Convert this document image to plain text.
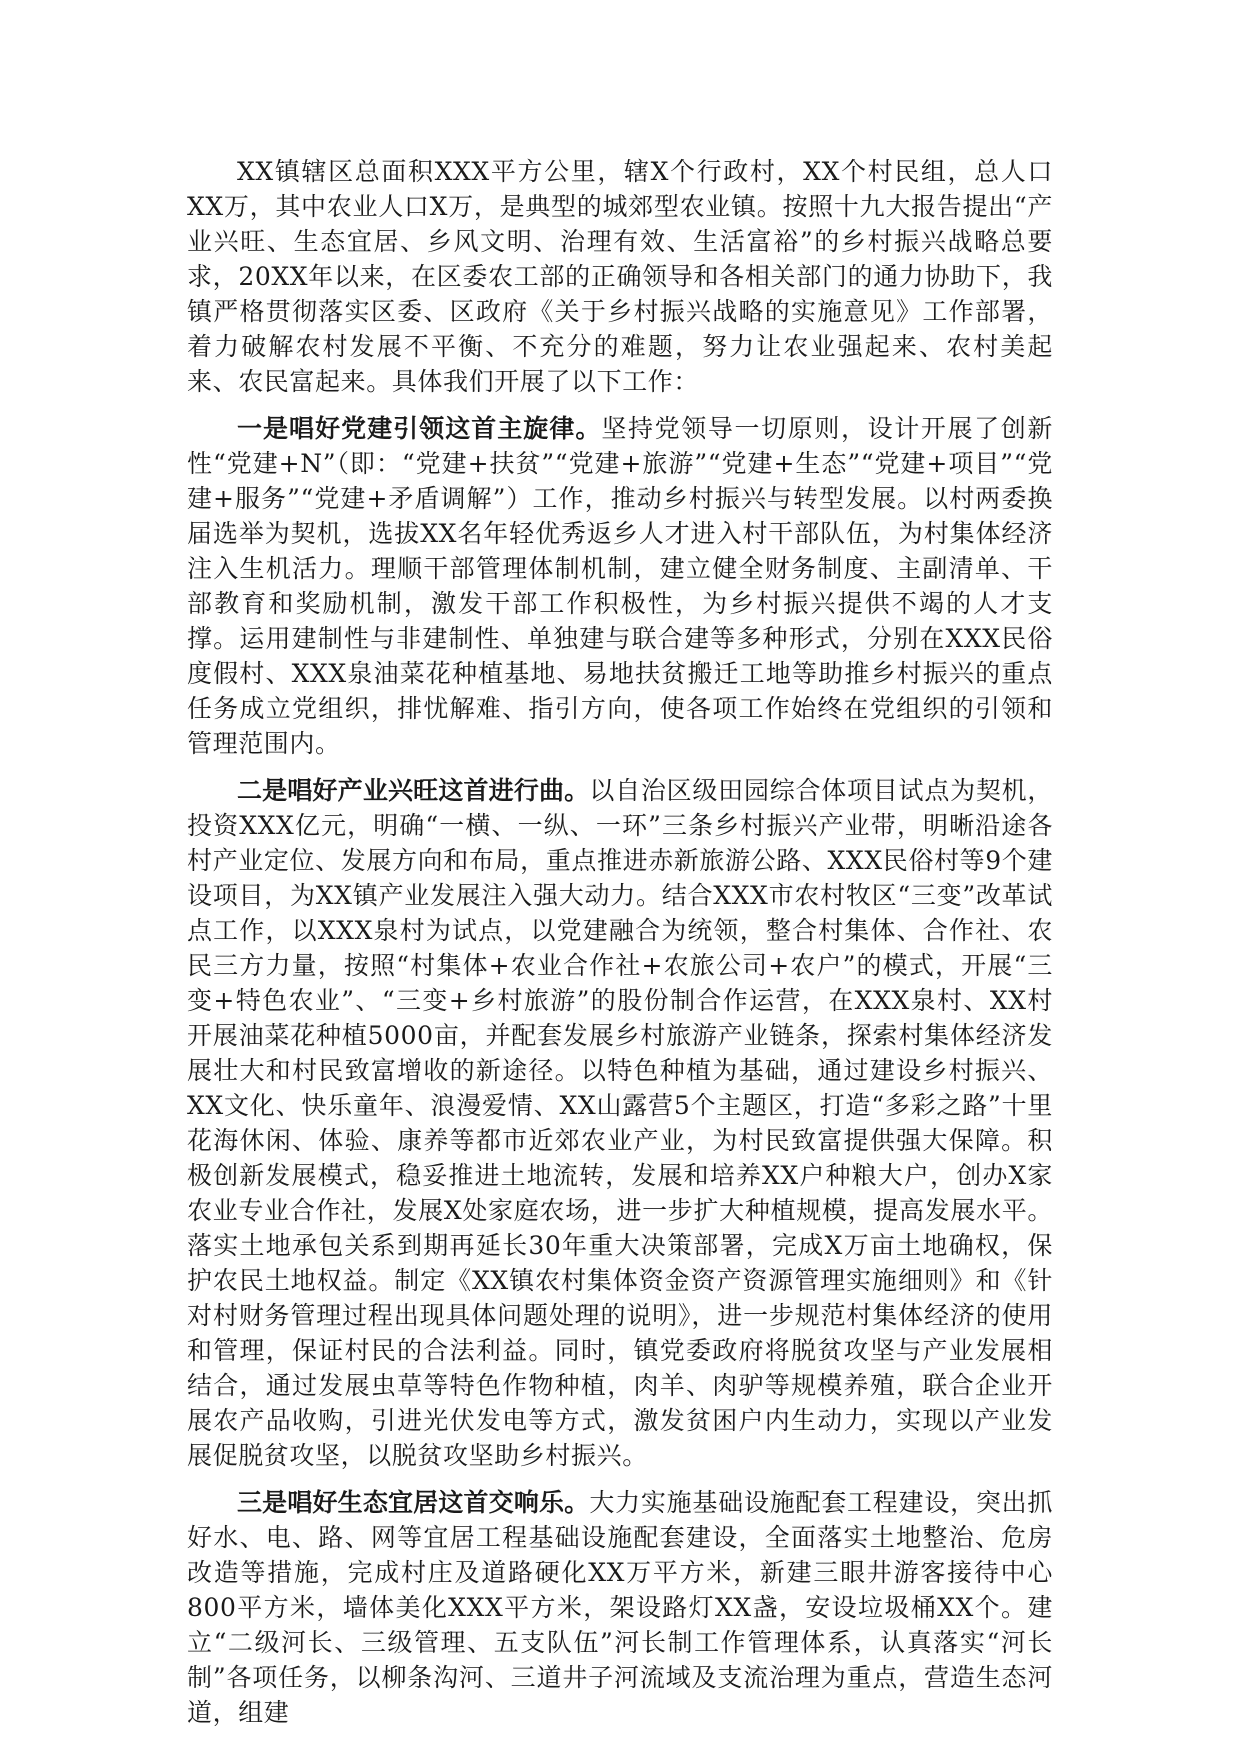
XX镇辖区总面积XXX平方公里，辖X个行政村，XX个村民组，总人口XX万，其中农业人口X万，是典型的城郊型农业镇。按照十九大报告提出“产业兴旺、生态宜居、乡风文明、治理有效、生活富裕”的乡村振兴战略总要求，20XX年以来，在区委农工部的正确领导和各相关部门的通力协助下，我镇严格贯彻落实区委、区政府《关于乡村振兴战略的实施意见》工作部署，着力破解农村发展不平衡、不充分的难题，努力让农业强起来、农村美起来、农民富起来。具体我们开展了以下工作：

一是唱好党建引领这首主旋律。坚持党领导一切原则，设计开展了创新性“党建+N”（即：“党建+扶贫”“党建+旅游”“党建+生态”“党建+项目”“党建+服务”“党建+矛盾调解”）工作，推动乡村振兴与转型发展。以村两委换届选举为契机，选拔XX名年轻优秀返乡人才进入村干部队伍，为村集体经济注入生机活力。理顺干部管理体制机制，建立健全财务制度、主副清单、干部教育和奖励机制，激发干部工作积极性，为乡村振兴提供不竭的人才支撑。运用建制性与非建制性、单独建与联合建等多种形式，分别在XXX民俗度假村、XXX泉油菜花种植基地、易地扶贫搬迁工地等助推乡村振兴的重点任务成立党组织，排忧解难、指引方向，使各项工作始终在党组织的引领和管理范围内。

二是唱好产业兴旺这首进行曲。以自治区级田园综合体项目试点为契机，投资XXX亿元，明确“一横、一纵、一环”三条乡村振兴产业带，明晰沿途各村产业定位、发展方向和布局，重点推进赤新旅游公路、XXX民俗村等9个建设项目，为XX镇产业发展注入强大动力。结合XXX市农村牧区“三变”改革试点工作，以XXX泉村为试点，以党建融合为统领，整合村集体、合作社、农民三方力量，按照“村集体+农业合作社+农旅公司+农户”的模式，开展“三变+特色农业”、“三变+乡村旅游”的股份制合作运营，在XXX泉村、XX村开展油菜花种植5000亩，并配套发展乡村旅游产业链条，探索村集体经济发展壮大和村民致富增收的新途径。以特色种植为基础，通过建设乡村振兴、XX文化、快乐童年、浪漫爱情、XX山露营5个主题区，打造“多彩之路”十里花海休闲、体验、康养等都市近郊农业产业，为村民致富提供强大保障。积极创新发展模式，稳妥推进土地流转，发展和培养XX户种粮大户，创办X家农业专业合作社，发展X处家庭农场，进一步扩大种植规模，提高发展水平。落实土地承包关系到期再延长30年重大决策部署，完成X万亩土地确权，保护农民土地权益。制定《XX镇农村集体资金资产资源管理实施细则》和《针对村财务管理过程出现具体问题处理的说明》，进一步规范村集体经济的使用和管理，保证村民的合法利益。同时，镇党委政府将脱贫攻坚与产业发展相结合，通过发展虫草等特色作物种植，肉羊、肉驴等规模养殖，联合企业开展农产品收购，引进光伏发电等方式，激发贫困户内生动力，实现以产业发展促脱贫攻坚，以脱贫攻坚助乡村振兴。

三是唱好生态宜居这首交响乐。大力实施基础设施配套工程建设，突出抓好水、电、路、网等宜居工程基础设施配套建设，全面落实土地整治、危房改造等措施，完成村庄及道路硬化XX万平方米，新建三眼井游客接待中心800平方米，墙体美化XXX平方米，架设路灯XX盏，安设垃圾桶XX个。建立“二级河长、三级管理、五支队伍”河长制工作管理体系，认真落实“河长制”各项任务，以柳条沟河、三道井子河流域及支流治理为重点，营造生态河道，组建
